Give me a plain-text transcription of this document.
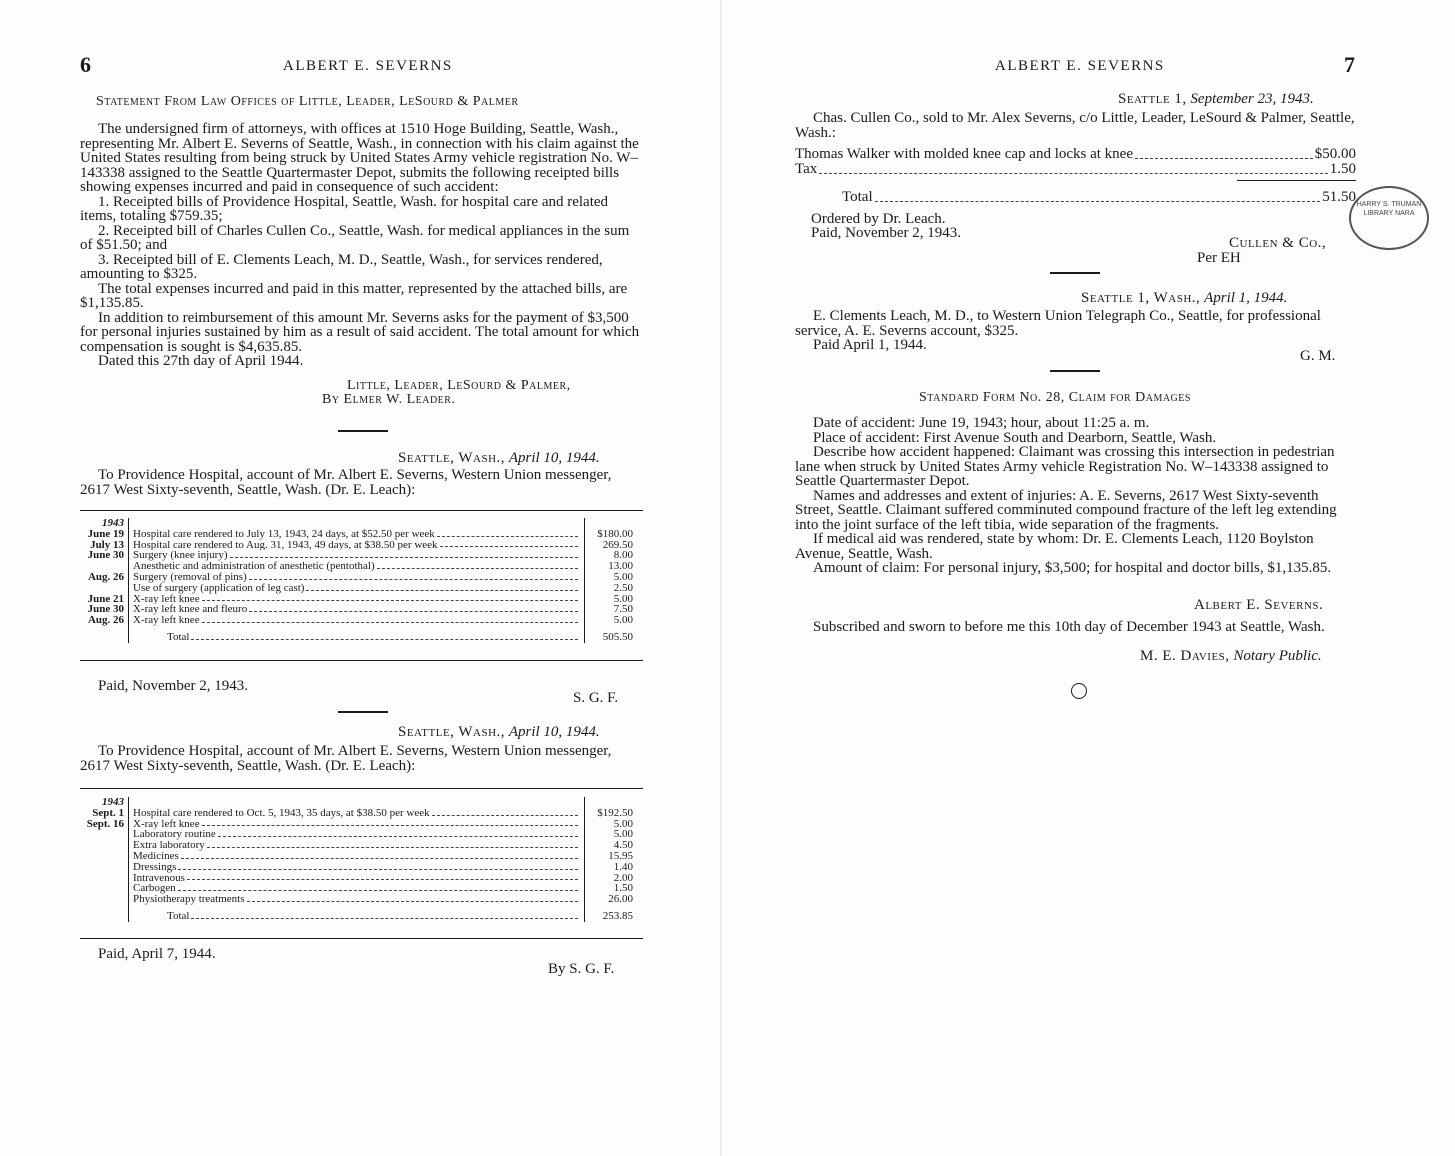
6	ALBERT E. SEVERNS
Statement From Law Offices of Little, Leader, LeSourd & Palmer

The undersigned firm of attorneys, with offices at 1510 Hoge Building, Seattle, Wash., representing Mr. Albert E. Severns of Seattle, Wash., in connection with his claim against the United States resulting from being struck by United States Army vehicle registration No. W–143338 assigned to the Seattle Quartermaster Depot, submits the following receipted bills showing expenses incurred and paid in consequence of such accident:

1. Receipted bills of Providence Hospital, Seattle, Wash. for hospital care and related items, totaling $759.35;

2. Receipted bill of Charles Cullen Co., Seattle, Wash. for medical appliances in the sum of $51.50; and

3. Receipted bill of E. Clements Leach, M. D., Seattle, Wash., for services rendered, amounting to $325.

The total expenses incurred and paid in this matter, represented by the attached bills, are $1,135.85.

In addition to reimbursement of this amount Mr. Severns asks for the payment of $3,500 for personal injuries sustained by him as a result of said accident. The total amount for which compensation is sought is $4,635.85.

Dated this 27th day of April 1944.

Little, Leader, LeSourd & Palmer,
By Elmer W. Leader.
Seattle, Wash., April 10, 1944.

To Providence Hospital, account of Mr. Albert E. Severns, Western Union messenger, 2617 West Sixty-seventh, Seattle, Wash. (Dr. E. Leach):

1943		
June 19	Hospital care rendered to July 13, 1943, 24 days, at $52.50 per week	$180.00
July 13	Hospital care rendered to Aug. 31, 1943, 49 days, at $38.50 per week	269.50
June 30	Surgery (knee injury)	8.00

	Anesthetic and administration of anesthetic (pentothal)	13.00
Aug. 26	Surgery (removal of pins)	5.00

	Use of surgery (application of leg cast)	2.50
June 21	X-ray left knee	5.00
June 30	X-ray left knee and fleuro	7.50
Aug. 26	X-ray left knee	5.00

	Total	505.50
Paid, November 2, 1943.
S. G. F.
Seattle, Wash., April 10, 1944.

To Providence Hospital, account of Mr. Albert E. Severns, Western Union messenger, 2617 West Sixty-seventh, Seattle, Wash. (Dr. E. Leach):

1943		
Sept. 1	Hospital care rendered to Oct. 5, 1943, 35 days, at $38.50 per week	$192.50
Sept. 16	X-ray left knee	5.00

	Laboratory routine	5.00

	Extra laboratory	4.50

	Medicines	15.95

	Dressings	1.40

	Intravenous	2.00

	Carbogen	1.50

	Physiotherapy treatments	26.00

	Total	253.85
Paid, April 7, 1944.
By S. G. F.
ALBERT E. SEVERNS	7
Seattle 1, September 23, 1943.

Chas. Cullen Co., sold to Mr. Alex Severns, c/o Little, Leader, LeSourd & Palmer, Seattle, Wash.:

Thomas Walker with molded knee cap and locks at knee	$50.00
Tax	1.50
Total	51.50
Ordered by Dr. Leach.
Paid, November 2, 1943.
Cullen & Co.,
Per EH
HARRY S. TRUMAN LIBRARY NARA
Seattle 1, Wash., April 1, 1944.

E. Clements Leach, M. D., to Western Union Telegraph Co., Seattle, for professional service, A. E. Severns account, $325.

Paid April 1, 1944.

G. M.
Standard Form No. 28, Claim for Damages

Date of accident: June 19, 1943; hour, about 11:25 a. m.

Place of accident: First Avenue South and Dearborn, Seattle, Wash.

Describe how accident happened: Claimant was crossing this intersection in pedestrian lane when struck by United States Army vehicle Registration No. W–143338 assigned to Seattle Quartermaster Depot.

Names and addresses and extent of injuries: A. E. Severns, 2617 West Sixty-seventh Street, Seattle. Claimant suffered comminuted compound fracture of the left leg extending into the joint surface of the left tibia, wide separation of the fragments.

If medical aid was rendered, state by whom: Dr. E. Clements Leach, 1120 Boylston Avenue, Seattle, Wash.

Amount of claim: For personal injury, $3,500; for hospital and doctor bills, $1,135.85.

Albert E. Severns.

Subscribed and sworn to before me this 10th day of December 1943 at Seattle, Wash.

M. E. Davies, Notary Public.
